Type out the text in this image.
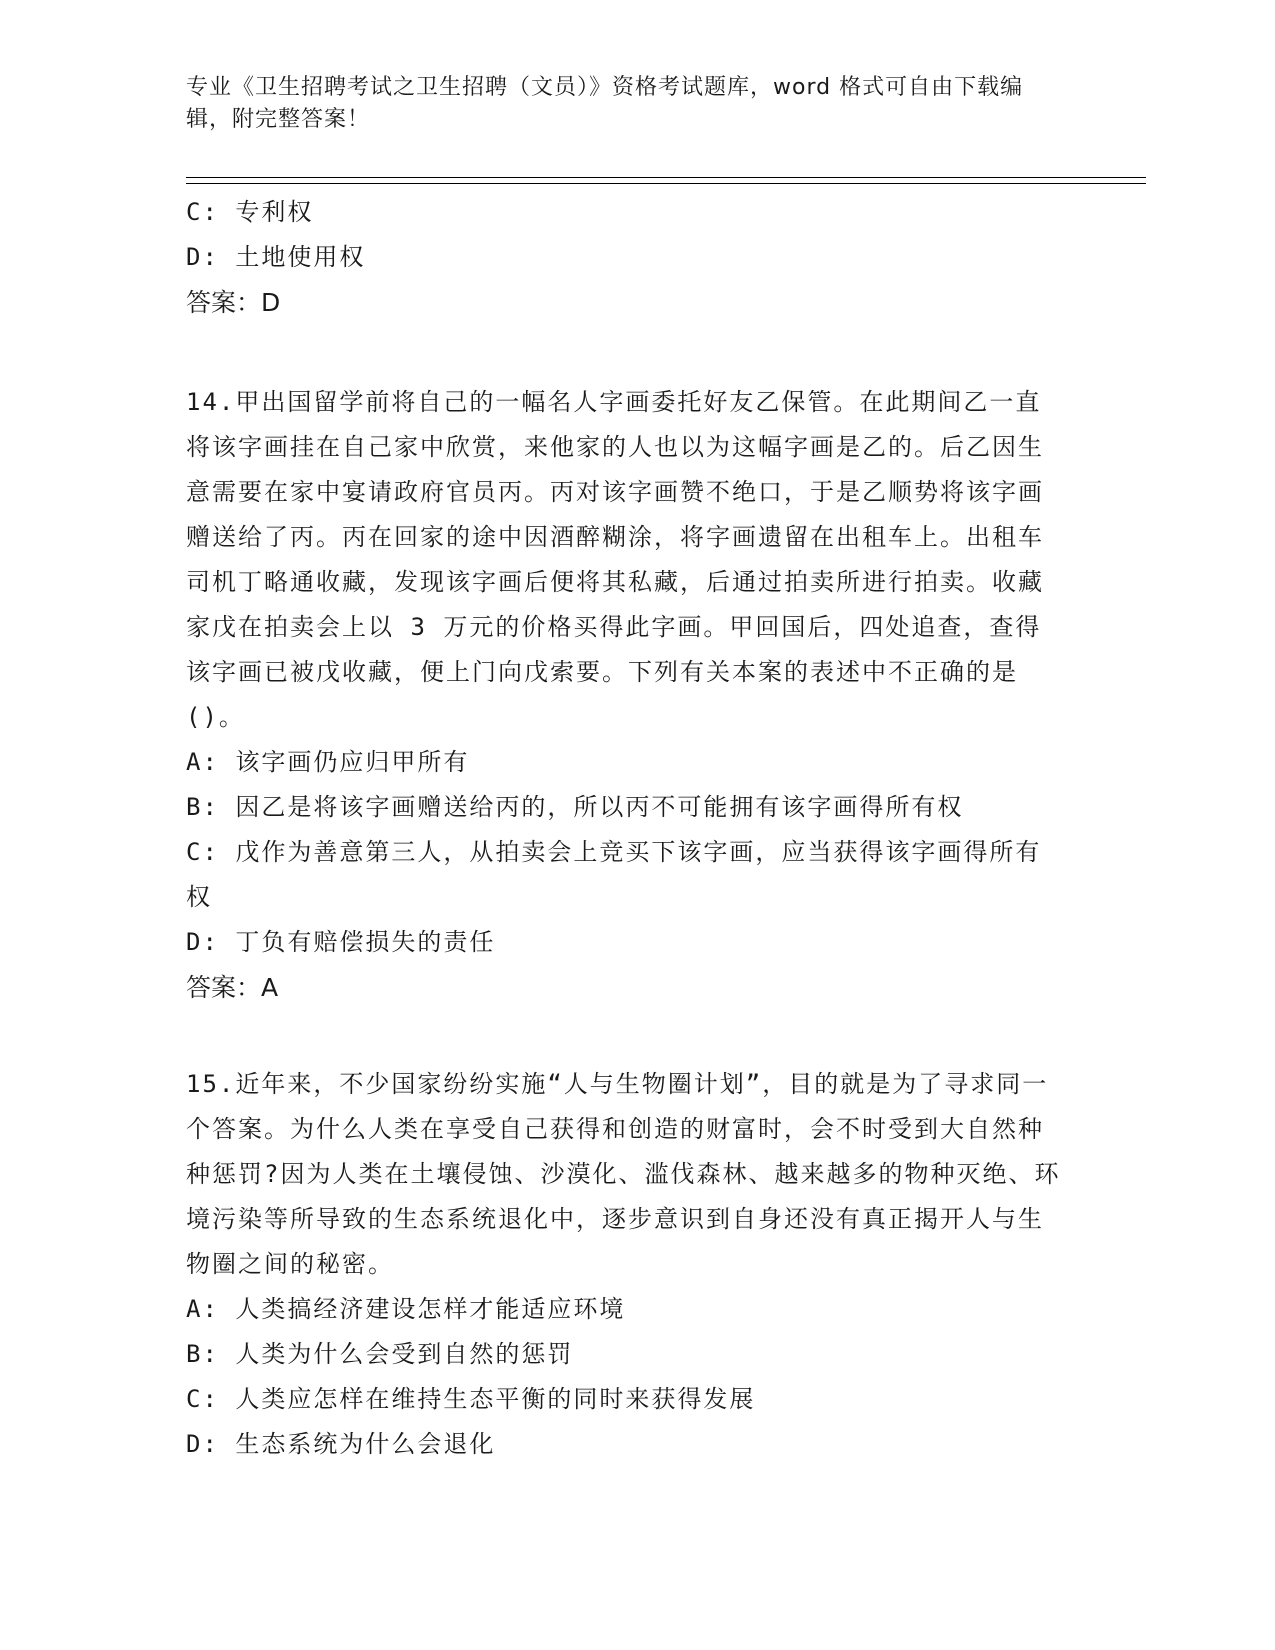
专业《卫生招聘考试之卫生招聘（文员）》资格考试题库，word 格式可自由下载编辑，附完整答案！

C: 专利权

D: 土地使用权

答案：D

14.甲出国留学前将自己的一幅名人字画委托好友乙保管。在此期间乙一直将该字画挂在自己家中欣赏，来他家的人也以为这幅字画是乙的。后乙因生意需要在家中宴请政府官员丙。丙对该字画赞不绝口，于是乙顺势将该字画赠送给了丙。丙在回家的途中因酒醉糊涂，将字画遗留在出租车上。出租车司机丁略通收藏，发现该字画后便将其私藏，后通过拍卖所进行拍卖。收藏家戊在拍卖会上以 3 万元的价格买得此字画。甲回国后，四处追查，查得该字画已被戊收藏，便上门向戊索要。下列有关本案的表述中不正确的是()。

A: 该字画仍应归甲所有

B: 因乙是将该字画赠送给丙的，所以丙不可能拥有该字画得所有权

C: 戊作为善意第三人，从拍卖会上竞买下该字画，应当获得该字画得所有权

D: 丁负有赔偿损失的责任

答案：A

15.近年来，不少国家纷纷实施“人与生物圈计划”，目的就是为了寻求同一个答案。为什么人类在享受自己获得和创造的财富时，会不时受到大自然种种惩罚?因为人类在土壤侵蚀、沙漠化、滥伐森林、越来越多的物种灭绝、环境污染等所导致的生态系统退化中，逐步意识到自身还没有真正揭开人与生物圈之间的秘密。

A: 人类搞经济建设怎样才能适应环境

B: 人类为什么会受到自然的惩罚

C: 人类应怎样在维持生态平衡的同时来获得发展

D: 生态系统为什么会退化
